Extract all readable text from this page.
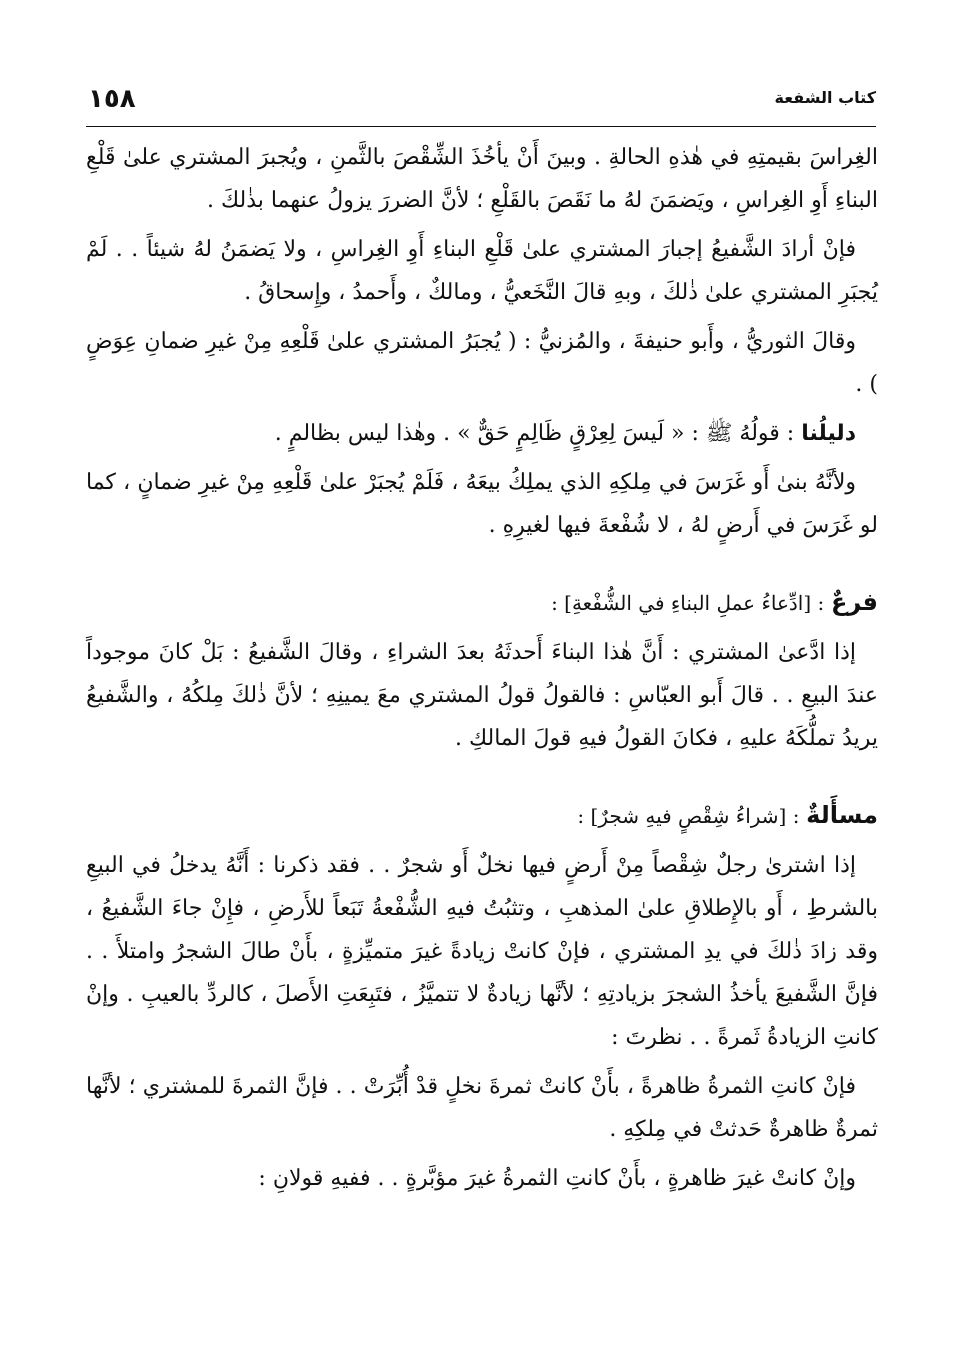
كتاب الشفعة
١٥٨

الغِراسَ بقيمتِهِ في هٰذهِ الحالةِ . وبينَ أَنْ يأخُذَ الشِّقْصَ بالثَّمنِ ، ويُجبرَ المشتري علىٰ قَلْعِ البناءِ أَوِ الغِراسِ ، ويَضمَنَ لهُ ما نَقَصَ بالقَلْعِ ؛ لأنَّ الضررَ يزولُ عنهما بذٰلكَ .

فإنْ أرادَ الشَّفيعُ إجبارَ المشتري علىٰ قَلْعِ البناءِ أَوِ الغِراسِ ، ولا يَضمَنُ لهُ شيئاً . . لَمْ يُجبَرِ المشتري علىٰ ذٰلكَ ، وبهِ قالَ النَّخَعيُّ ، ومالكٌ ، وأَحمدُ ، وإِسحاقُ .

وقالَ الثوريُّ ، وأَبو حنيفةَ ، والمُزنيُّ : ( يُجبَرُ المشتري علىٰ قَلْعِهِ مِنْ غيرِ ضمانِ عِوَضٍ ) .

دليلُنا : قولُهُ ﷺ : « لَيسَ لِعِرْقٍ ظَالِمٍ حَقٌّ » . وهٰذا ليس بظالمٍ .

ولأنَّهُ بنىٰ أَو غَرَسَ في مِلكِهِ الذي يملِكُ بيعَهُ ، فَلَمْ يُجبَرْ علىٰ قَلْعِهِ مِنْ غيرِ ضمانٍ ، كما لو غَرَسَ في أَرضٍ لهُ ، لا شُفْعةَ فيها لغيرِهِ .

فرعٌ : [ادِّعاءُ عملِ البناءِ في الشُّفْعةِ] :

إذا ادَّعىٰ المشتري : أَنَّ هٰذا البناءَ أَحدثَهُ بعدَ الشراءِ ، وقالَ الشَّفيعُ : بَلْ كانَ موجوداً عندَ البيعِ . . قالَ أَبو العبّاسِ : فالقولُ قولُ المشتري معَ يمينِهِ ؛ لأنَّ ذٰلكَ مِلكُهُ ، والشَّفيعُ يريدُ تملُّكَهُ عليهِ ، فكانَ القولُ فيهِ قولَ المالكِ .

مسأَلةٌ : [شراءُ شِقْصٍ فيهِ شجرٌ] :

إذا اشترىٰ رجلٌ شِقْصاً مِنْ أَرضٍ فيها نخلٌ أَو شجرٌ . . فقد ذكرنا : أَنَّهُ يدخلُ في البيعِ بالشرطِ ، أَو بالإِطلاقِ علىٰ المذهبِ ، وتثبُتُ فيهِ الشُّفْعةُ تَبَعاً للأَرضِ ، فإِنْ جاءَ الشَّفيعُ ، وقد زادَ ذٰلكَ في يدِ المشتري ، فإنْ كانتْ زيادةً غيرَ متميِّزةٍ ، بأَنْ طالَ الشجرُ وامتلأَ . . فإنَّ الشَّفيعَ يأخذُ الشجرَ بزيادتِهِ ؛ لأنَّها زيادةٌ لا تتميَّزُ ، فتَبِعَتِ الأَصلَ ، كالردِّ بالعيبِ . وإنْ كانتِ الزيادةُ ثَمرةً . . نظرتَ :

فإنْ كانتِ الثمرةُ ظاهرةً ، بأَنْ كانتْ ثمرةَ نخلٍ قدْ أُبِّرَتْ . . فإنَّ الثمرةَ للمشتري ؛ لأنَّها ثمرةٌ ظاهرةٌ حَدثتْ في مِلكِهِ .

وإنْ كانتْ غيرَ ظاهرةٍ ، بأَنْ كانتِ الثمرةُ غيرَ مؤبَّرةٍ . . ففيهِ قولانِ :
